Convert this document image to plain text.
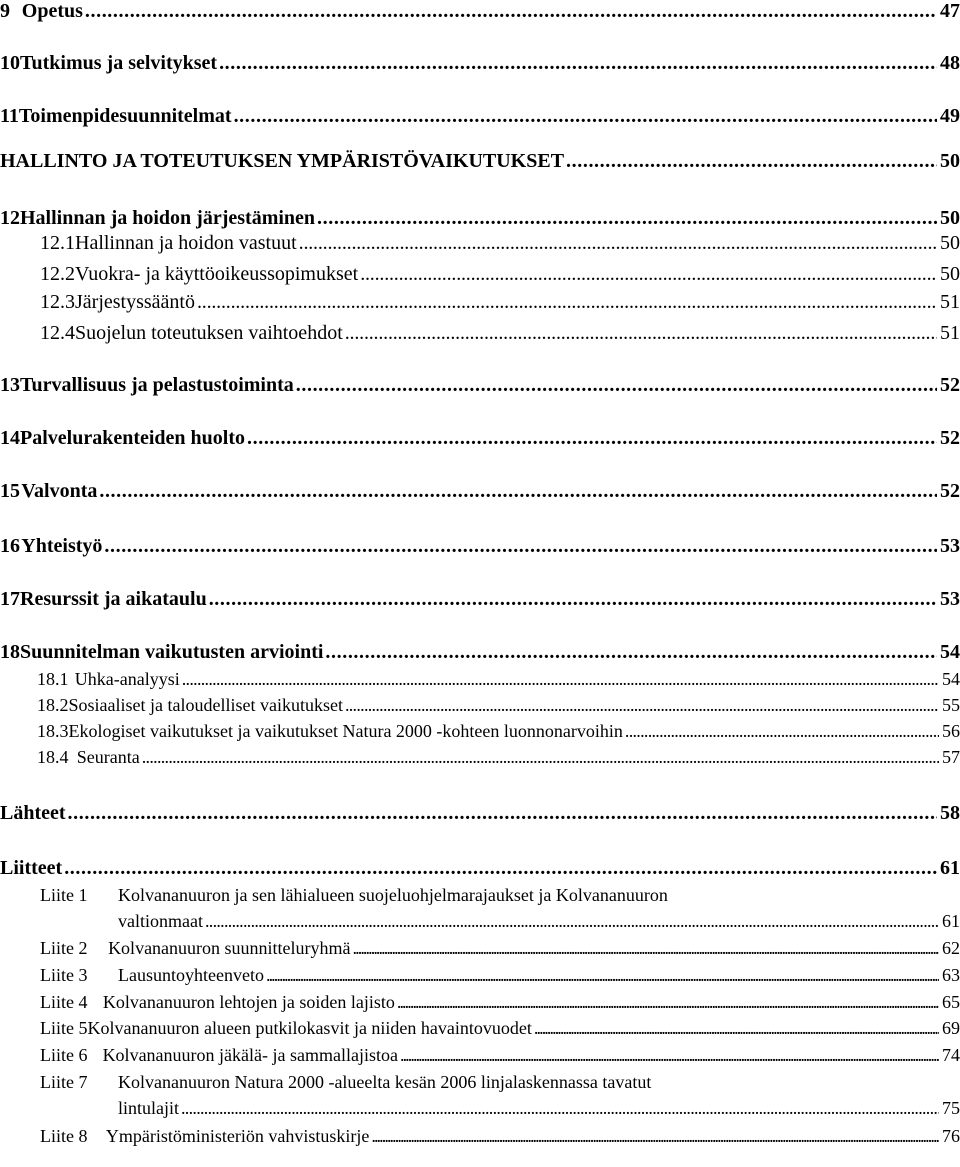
9 Opetus . . .	47
10 Tutkimus ja selvitykset . . .	48
11 Toimenpidesuunnitelmat . . .	49
HALLINTO JA TOTEUTUKSEN YMPÄRISTÖVAIKUTUKSET . . .	50
12 Hallinnan ja hoidon järjestäminen . . .	50
12.1 Hallinnan ja hoidon vastuut . . .	50
12.2 Vuokra- ja käyttöoikeussopimukset . . .	50
12.3 Järjestyssääntö . . .	51
12.4 Suojelun toteutuksen vaihtoehdot . . .	51
13 Turvallisuus ja pelastustoiminta . . .	52
14 Palvelurakenteiden huolto . . .	52
15 Valvonta . . .	52
16 Yhteistyö . . .	53
17 Resurssit ja aikataulu . . .	53
18 Suunnitelman vaikutusten arviointi . . .	54
18.1 Uhka-analyysi . . .	54
18.2 Sosiaaliset ja taloudelliset vaikutukset . . .	55
18.3 Ekologiset vaikutukset ja vaikutukset Natura 2000 -kohteen luonnonarvoihin . . .	56
18.4 Seuranta . . .	57
Lähteet . . .	58
Liitteet . . .	61
Liite 1	Kolvananuuron ja sen lähialueen suojeluohjelmarajaukset ja Kolvananuuron
valtionmaat . . .	61
Liite 2	Kolvananuuron suunnitteluryhmä . . .	62
Liite 3	Lausuntoyhteenveto . . .	63
Liite 4 Kolvananuuron lehtojen ja soiden lajisto . . .	65
Liite 5 Kolvananuuron alueen putkilokasvit ja niiden havaintovuodet . . .	69
Liite 6 Kolvananuuron jäkälä- ja sammallajistoa . . .	74
Liite 7	Kolvananuuron Natura 2000 -alueelta kesän 2006 linjalaskennassa tavatut
lintulajit . . .	75
Liite 8	Ympäristöministeriön vahvistuskirje . . .	76
